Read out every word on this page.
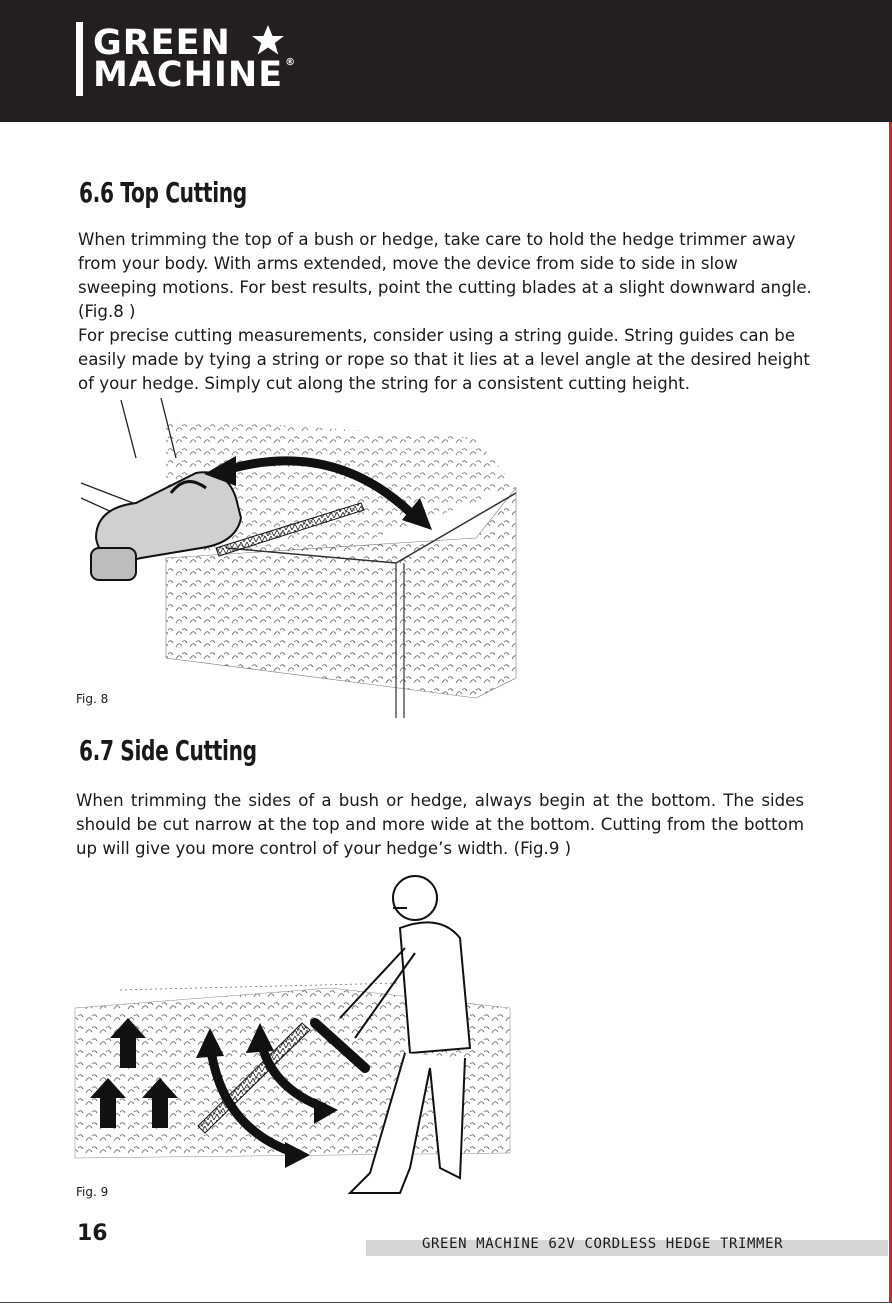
GREEN
MACHINE ®
6.6 Top Cutting

When trimming the top of a bush or hedge, take care to hold the hedge trimmer away from your body. With arms extended, move the device from side to side in slow sweeping motions. For best results, point the cutting blades at a slight downward angle. (Fig.8 )

For precise cutting measurements, consider using a string guide. String guides can be easily made by tying a string or rope so that it lies at a level angle at the desired height of your hedge. Simply cut along the string for a consistent cutting height.

Fig. 8
6.7 Side Cutting

When trimming the sides of a bush or hedge, always begin at the bottom. The sides should be cut narrow at the top and more wide at the bottom. Cutting from the bottom up will give you more control of your hedge’s width. (Fig.9 )

Fig. 9
16	GREEN MACHINE 62V CORDLESS HEDGE TRIMMER
